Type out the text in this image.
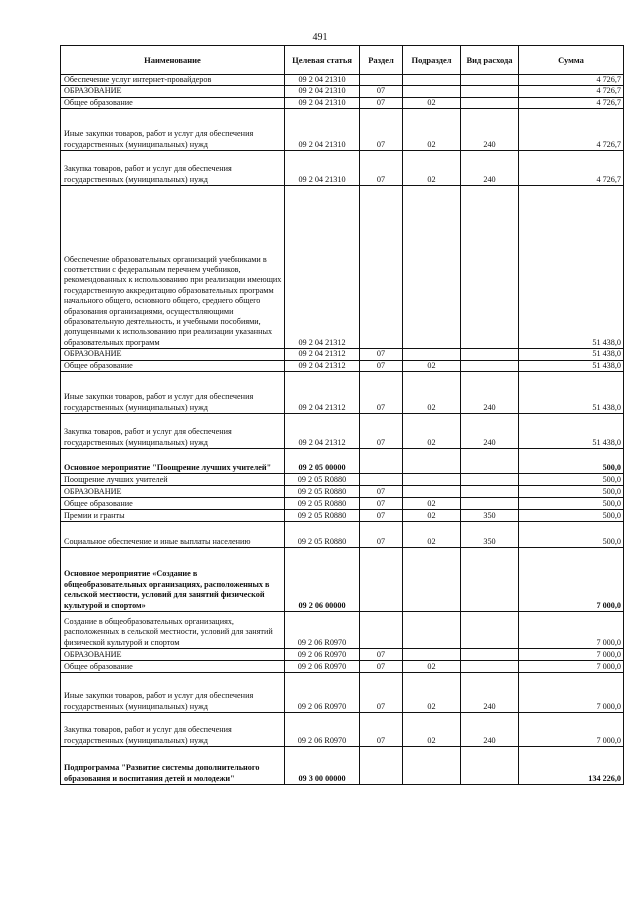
491
Наименование	Целевая статья	Раздел	Подраздел	Вид расхода	Сумма
Обеспечение услуг интернет-провайдеров	09 2 04 21310				4 726,7
ОБРАЗОВАНИЕ	09 2 04 21310	07			4 726,7
Общее образование	09 2 04 21310	07	02		4 726,7
Иные закупки товаров, работ и услуг для обеспечения государственных (муниципальных) нужд	09 2 04 21310	07	02	240	4 726,7
Закупка товаров, работ и услуг для обеспечения государственных (муниципальных) нужд	09 2 04 21310	07	02	240	4 726,7
Обеспечение образовательных организаций учебниками в соответствии с федеральным перечнем учебников, рекомендованных к использованию при реализации имеющих государственную аккредитацию образовательных программ начального общего, основного общего, среднего общего образования организациями, осуществляющими образовательную деятельность, и учебными пособиями, допущенными к использованию при реализации указанных образовательных программ	09 2 04 21312				51 438,0
ОБРАЗОВАНИЕ	09 2 04 21312	07			51 438,0
Общее образование	09 2 04 21312	07	02		51 438,0
Иные закупки товаров, работ и услуг для обеспечения государственных (муниципальных) нужд	09 2 04 21312	07	02	240	51 438,0
Закупка товаров, работ и услуг для обеспечения государственных (муниципальных) нужд	09 2 04 21312	07	02	240	51 438,0
Основное мероприятие "Поощрение лучших учителей"	09 2 05 00000				500,0
Поощрение лучших учителей	09 2 05 R0880				500,0
ОБРАЗОВАНИЕ	09 2 05 R0880	07			500,0
Общее образование	09 2 05 R0880	07	02		500,0
Премии и гранты	09 2 05 R0880	07	02	350	500,0
Социальное обеспечение и иные выплаты населению	09 2 05 R0880	07	02	350	500,0
Основное мероприятие «Создание в общеобразовательных организациях, расположенных в сельской местности, условий для занятий физической культурой и спортом»	09 2 06 00000				7 000,0
Создание в общеобразовательных организациях, расположенных в сельской местности, условий для занятий физической культурой и спортом	09 2 06 R0970				7 000,0
ОБРАЗОВАНИЕ	09 2 06 R0970	07			7 000,0
Общее образование	09 2 06 R0970	07	02		7 000,0
Иные закупки товаров, работ и услуг для обеспечения государственных (муниципальных) нужд	09 2 06 R0970	07	02	240	7 000,0
Закупка товаров, работ и услуг для обеспечения государственных (муниципальных) нужд	09 2 06 R0970	07	02	240	7 000,0
Подпрограмма "Развитие системы дополнительного образования и воспитания детей и молодежи"	09 3 00 00000				134 226,0
